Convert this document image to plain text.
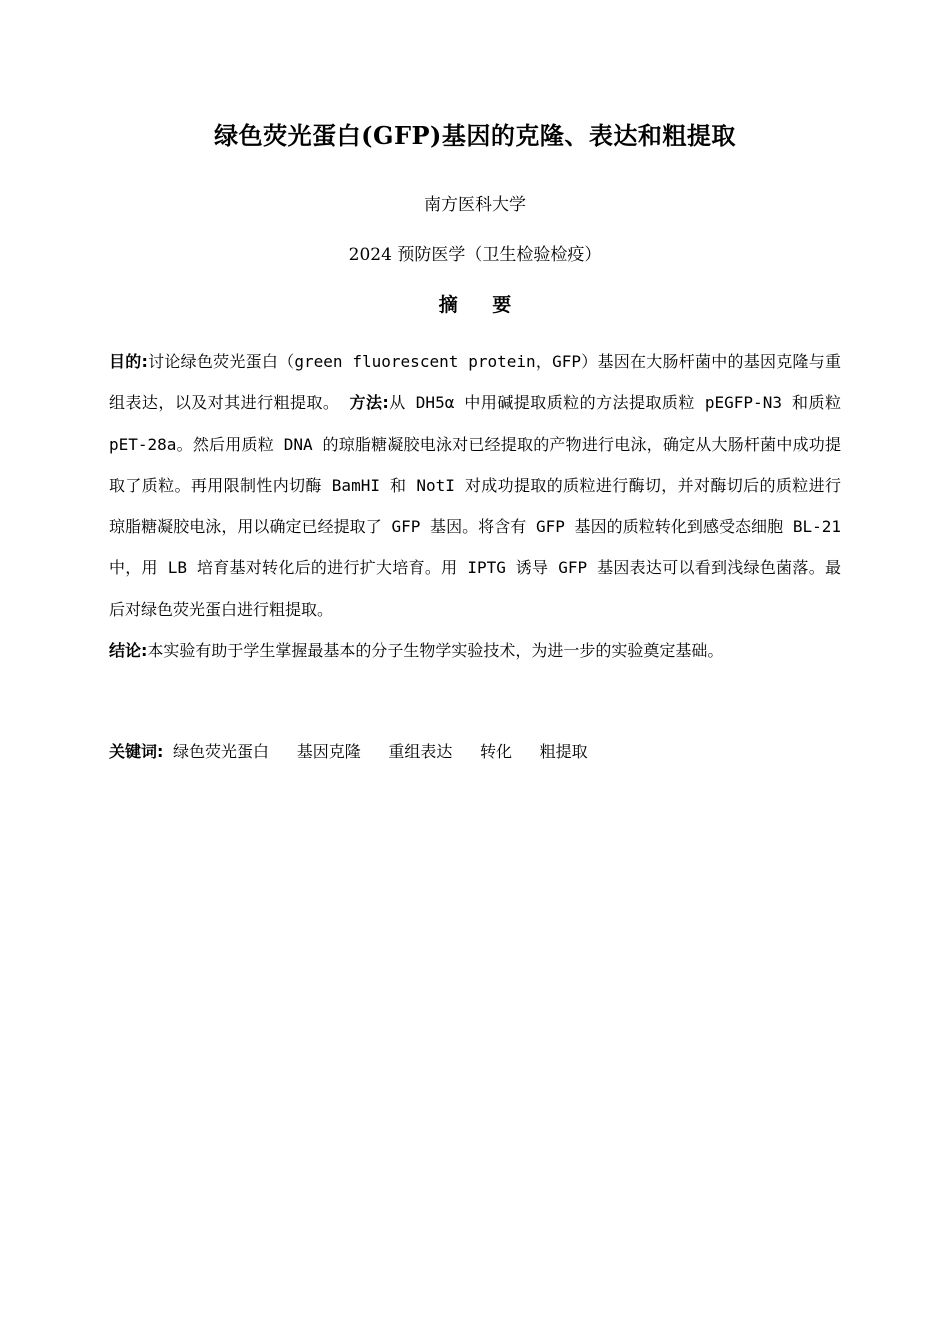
绿色荧光蛋白(GFP)基因的克隆、表达和粗提取
南方医科大学
2024 预防医学（卫生检验检疫）
摘 要

目的:讨论绿色荧光蛋白（green fluorescent protein，GFP）基因在大肠杆菌中的基因克隆与重组表达，以及对其进行粗提取。 方法:从 DH5α 中用碱提取质粒的方法提取质粒 pEGFP-N3 和质粒 pET-28a。然后用质粒 DNA 的琼脂糖凝胶电泳对已经提取的产物进行电泳，确定从大肠杆菌中成功提取了质粒。再用限制性内切酶 BamHI 和 NotI 对成功提取的质粒进行酶切，并对酶切后的质粒进行琼脂糖凝胶电泳，用以确定已经提取了 GFP 基因。将含有 GFP 基因的质粒转化到感受态细胞 BL-21 中，用 LB 培育基对转化后的进行扩大培育。用 IPTG 诱导 GFP 基因表达可以看到浅绿色菌落。最后对绿色荧光蛋白进行粗提取。
结论:本实验有助于学生掌握最基本的分子生物学实验技术，为进一步的实验奠定基础。

关键词: 绿色荧光蛋白 基因克隆 重组表达 转化 粗提取
